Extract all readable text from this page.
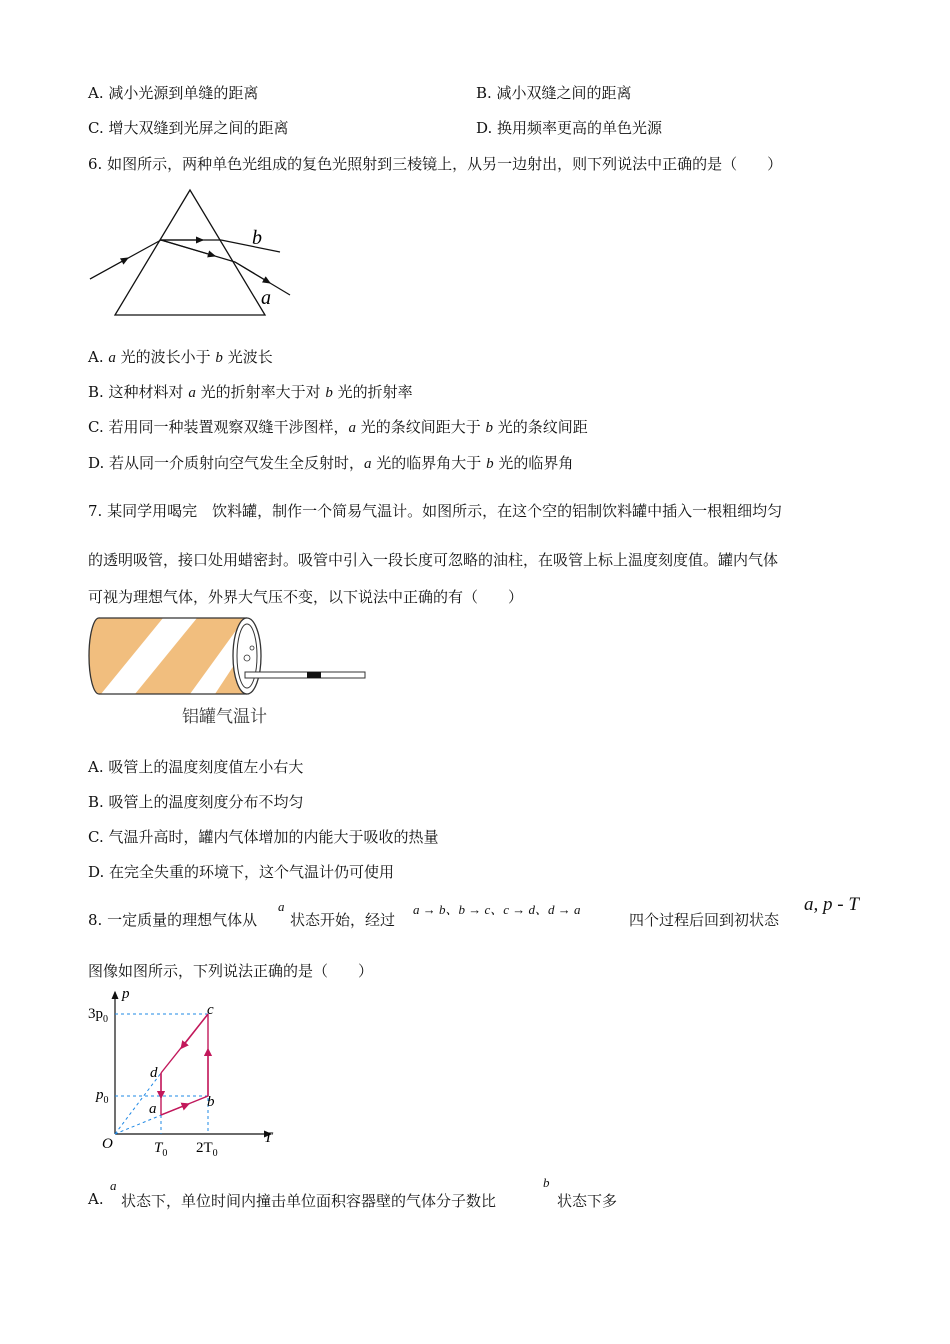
A. 减小光源到单缝的距离	B. 减小双缝之间的距离
C. 增大双缝到光屏之间的距离	D. 换用频率更高的单色光源
6. 如图所示，两种单色光组成的复色光照射到三棱镜上，从另一边射出，则下列说法中正确的是（　　）
b
a
A. a 光的波长小于 b 光波长
B. 这种材料对 a 光的折射率大于对 b 光的折射率
C. 若用同一种装置观察双缝干涉图样，a 光的条纹间距大于 b 光的条纹间距
D. 若从同一介质射向空气发生全反射时，a 光的临界角大于 b 光的临界角
7. 某同学用喝完　饮料罐，制作一个简易气温计。如图所示，在这个空的铝制饮料罐中插入一根粗细均匀
的透明吸管，接口处用蜡密封。吸管中引入一段长度可忽略的油柱，在吸管上标上温度刻度值。罐内气体
可视为理想气体，外界大气压不变，以下说法中正确的有（　　）
铝罐气温计
A. 吸管上的温度刻度值左小右大
B. 吸管上的温度刻度分布不均匀
C. 气温升高时，罐内气体增加的内能大于吸收的热量
D. 在完全失重的环境下，这个气温计仍可使用
8. 一定质量的理想气体从
a
状态开始，经过
a → b、b → c、c → d、d → a
四个过程后回到初状态
a, p - T
图像如图所示，下列说法正确的是（　　）
p
T
O
$3p_0$
$p_0$
$T_0$ $2T_0$
a	b
c
d
A.
a
状态下，单位时间内撞击单位面积容器壁的气体分子数比
b
状态下多
